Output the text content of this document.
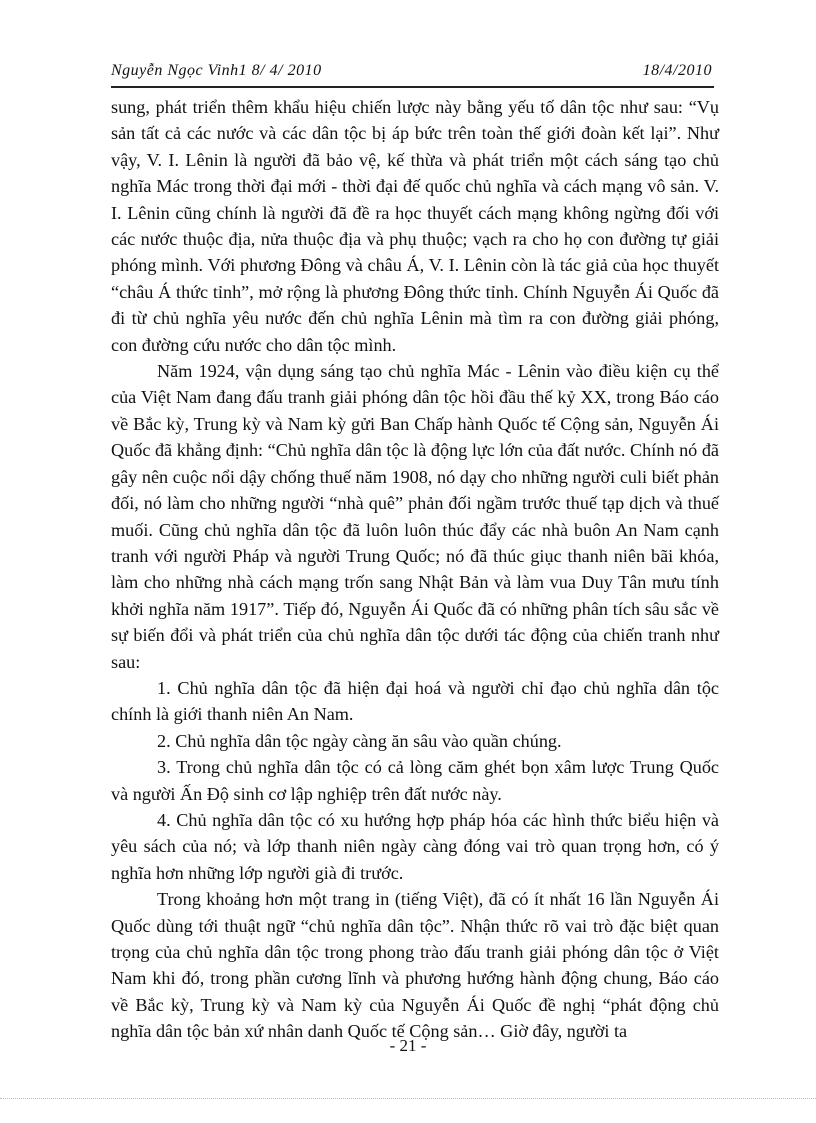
Nguyễn Ngọc Vinh1 8/ 4/ 2010	18/4/2010

sung, phát triển thêm khẩu hiệu chiến lược này bằng yếu tố dân tộc như sau: “Vụ sản tất cả các nước và các dân tộc bị áp bức trên toàn thế giới đoàn kết lại”. Như vậy, V. I. Lênin là người đã bảo vệ, kế thừa và phát triển một cách sáng tạo chủ nghĩa Mác trong thời đại mới - thời đại đế quốc chủ nghĩa và cách mạng vô sản. V. I. Lênin cũng chính là người đã đề ra học thuyết cách mạng không ngừng đối với các nước thuộc địa, nửa thuộc địa và phụ thuộc; vạch ra cho họ con đường tự giải phóng mình. Với phương Đông và châu Á, V. I. Lênin còn là tác giả của học thuyết “châu Á thức tỉnh”, mở rộng là phương Đông thức tỉnh. Chính Nguyễn Ái Quốc đã đi từ chủ nghĩa yêu nước đến chủ nghĩa Lênin mà tìm ra con đường giải phóng, con đường cứu nước cho dân tộc mình.

Năm 1924, vận dụng sáng tạo chủ nghĩa Mác - Lênin vào điều kiện cụ thể của Việt Nam đang đấu tranh giải phóng dân tộc hồi đầu thế kỷ XX, trong Báo cáo về Bắc kỳ, Trung kỳ và Nam kỳ gửi Ban Chấp hành Quốc tế Cộng sản, Nguyễn Ái Quốc đã khẳng định: “Chủ nghĩa dân tộc là động lực lớn của đất nước. Chính nó đã gây nên cuộc nổi dậy chống thuế năm 1908, nó dạy cho những người culi biết phản đối, nó làm cho những người “nhà quê” phản đối ngầm trước thuế tạp dịch và thuế muối. Cũng chủ nghĩa dân tộc đã luôn luôn thúc đẩy các nhà buôn An Nam cạnh tranh với người Pháp và người Trung Quốc; nó đã thúc giục thanh niên bãi khóa, làm cho những nhà cách mạng trốn sang Nhật Bản và làm vua Duy Tân mưu tính khởi nghĩa năm 1917”. Tiếp đó, Nguyễn Ái Quốc đã có những phân tích sâu sắc về sự biến đổi và phát triển của chủ nghĩa dân tộc dưới tác động của chiến tranh như sau:

1. Chủ nghĩa dân tộc đã hiện đại hoá và người chỉ đạo chủ nghĩa dân tộc chính là giới thanh niên An Nam.

2. Chủ nghĩa dân tộc ngày càng ăn sâu vào quần chúng.

3. Trong chủ nghĩa dân tộc có cả lòng căm ghét bọn xâm lược Trung Quốc và người Ấn Độ sinh cơ lập nghiệp trên đất nước này.

4. Chủ nghĩa dân tộc có xu hướng hợp pháp hóa các hình thức biểu hiện và yêu sách của nó; và lớp thanh niên ngày càng đóng vai trò quan trọng hơn, có ý nghĩa hơn những lớp người già đi trước.

Trong khoảng hơn một trang in (tiếng Việt), đã có ít nhất 16 lần Nguyễn Ái Quốc dùng tới thuật ngữ “chủ nghĩa dân tộc”. Nhận thức rõ vai trò đặc biệt quan trọng của chủ nghĩa dân tộc trong phong trào đấu tranh giải phóng dân tộc ở Việt Nam khi đó, trong phần cương lĩnh và phương hướng hành động chung, Báo cáo về Bắc kỳ, Trung kỳ và Nam kỳ của Nguyễn Ái Quốc đề nghị “phát động chủ nghĩa dân tộc bản xứ nhân danh Quốc tế Cộng sản… Giờ đây, người ta

- 21 -
